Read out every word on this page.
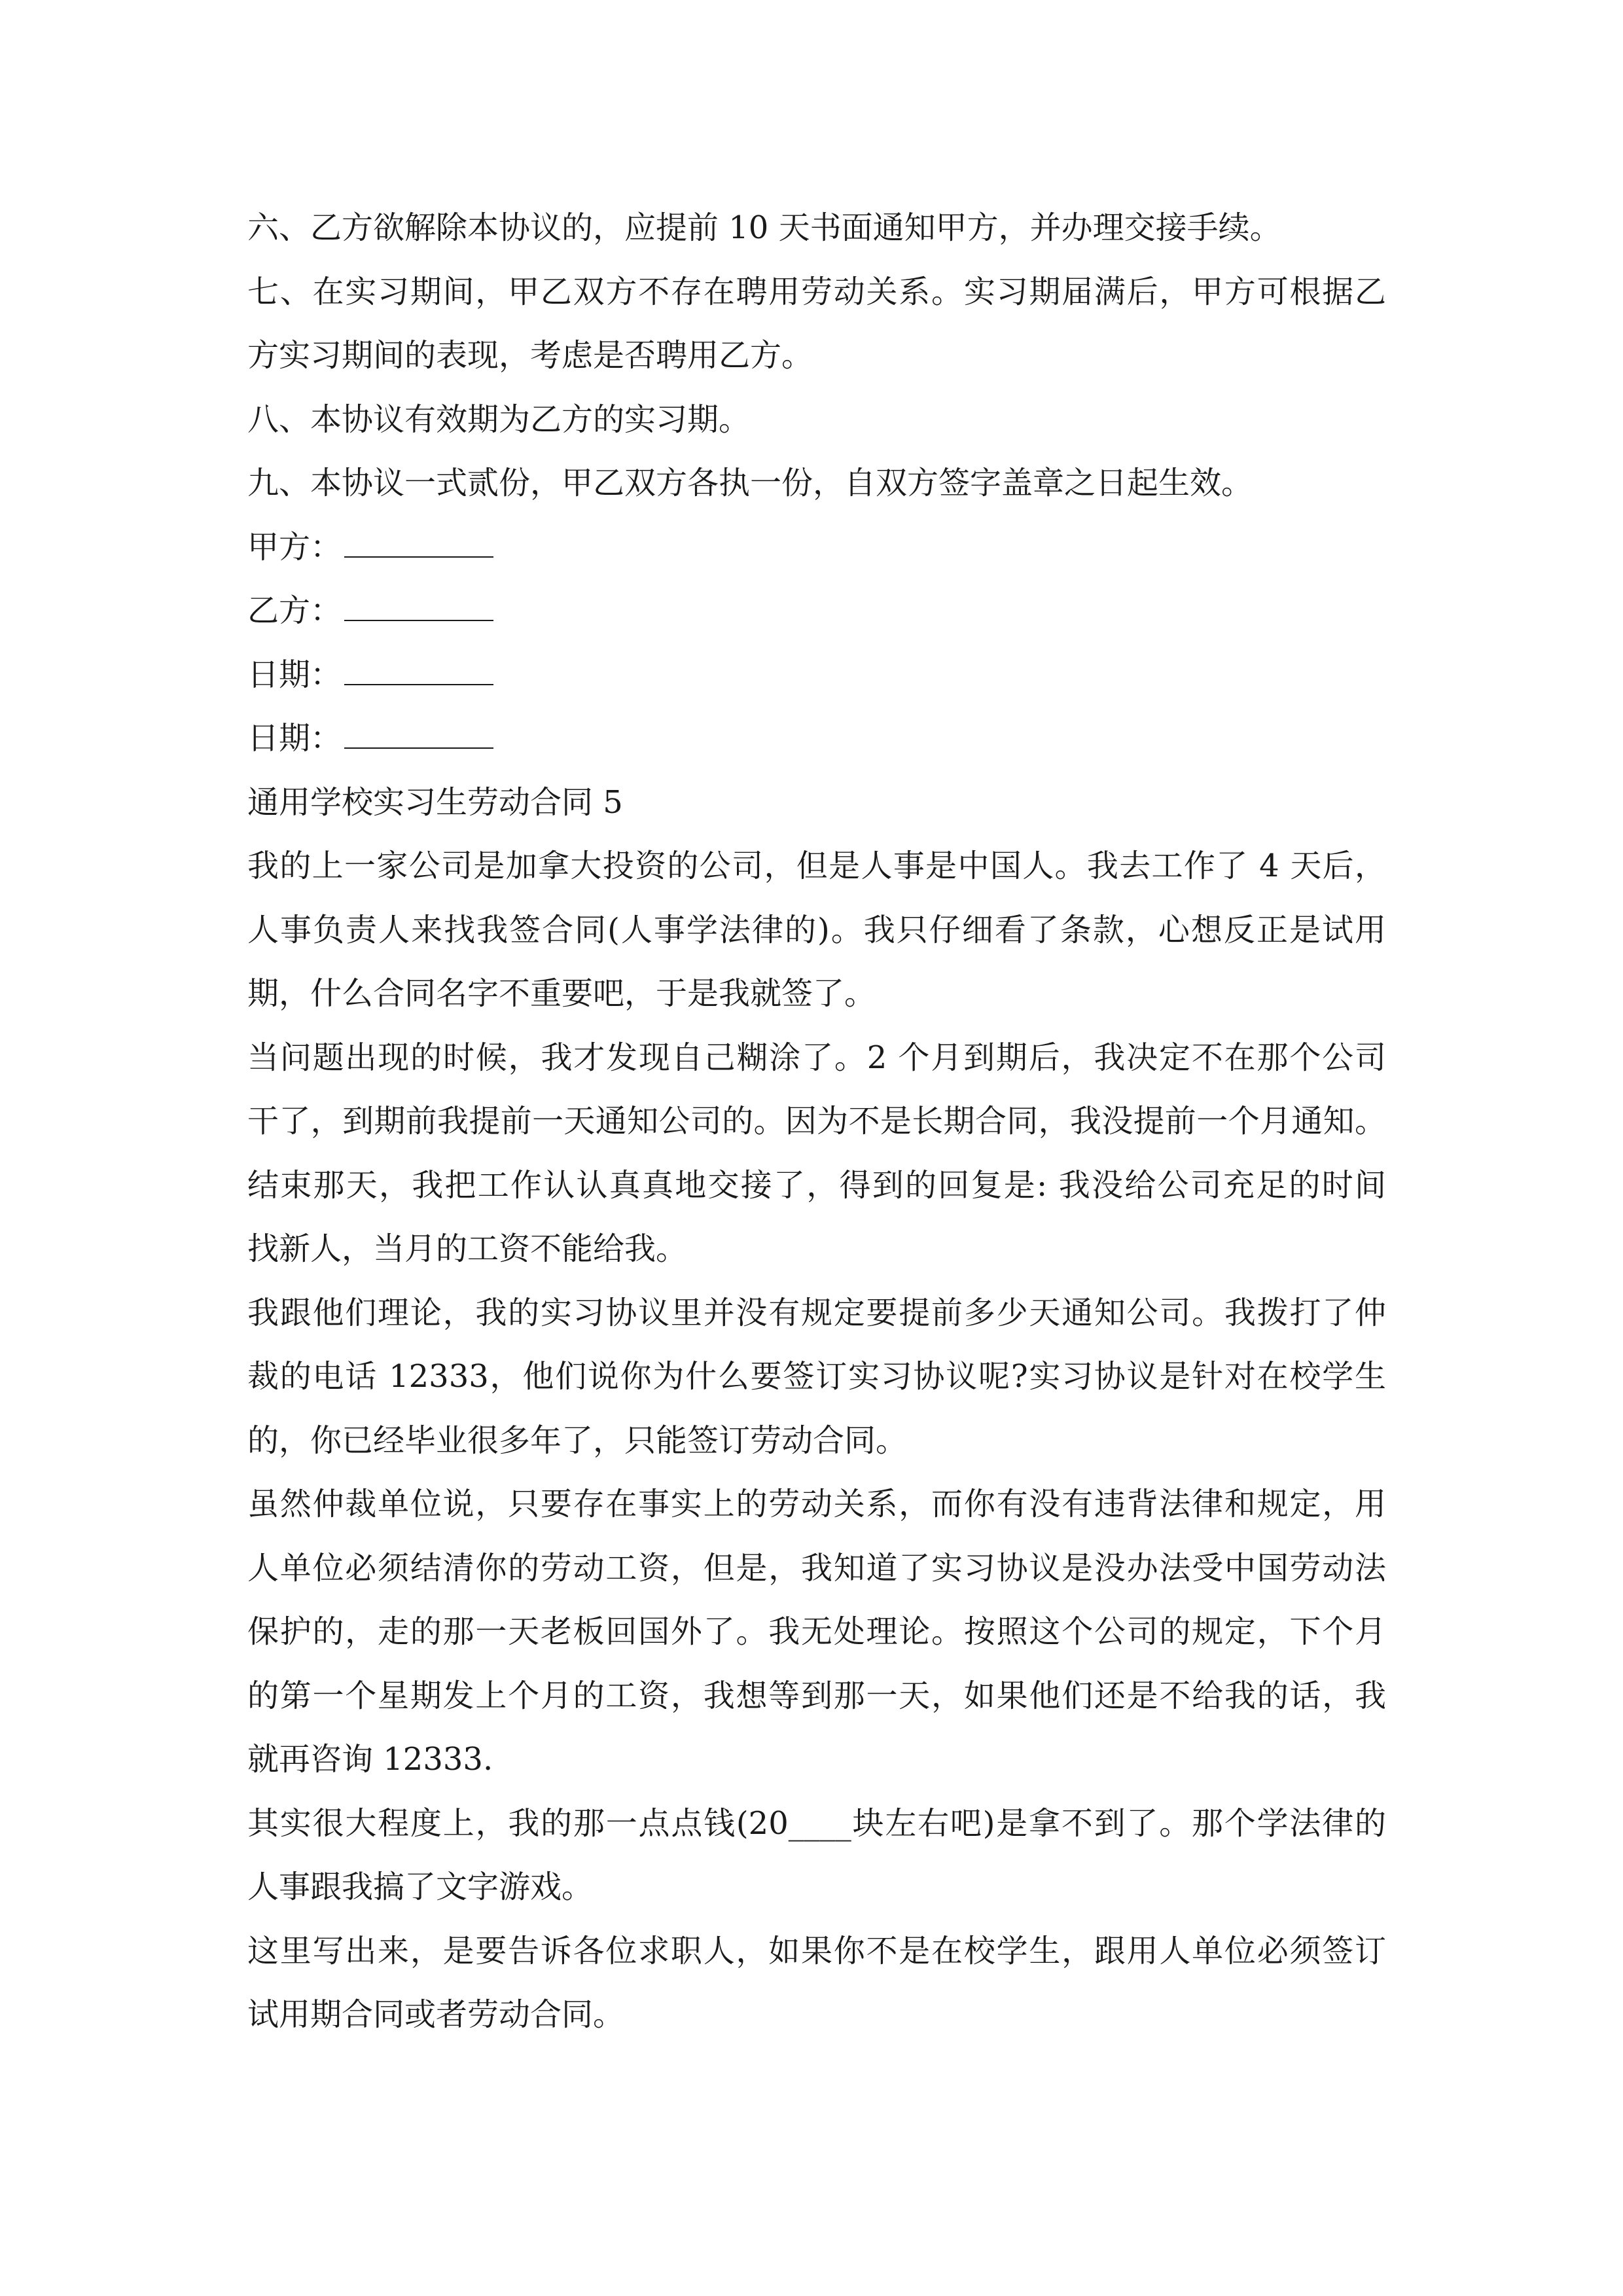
六、乙方欲解除本协议的，应提前 10 天书面通知甲方，并办理交接手续。
七、在实习期间，甲乙双方不存在聘用劳动关系。实习期届满后，甲方可根据乙
方实习期间的表现，考虑是否聘用乙方。
八、本协议有效期为乙方的实习期。
九、本协议一式贰份，甲乙双方各执一份，自双方签字盖章之日起生效。
甲方：
乙方：
日期：
日期：
通用学校实习生劳动合同 5
我的上一家公司是加拿大投资的公司，但是人事是中国人。我去工作了 4 天后，
人事负责人来找我签合同(人事学法律的)。我只仔细看了条款，心想反正是试用
期，什么合同名字不重要吧，于是我就签了。
当问题出现的时候，我才发现自己糊涂了。2 个月到期后，我决定不在那个公司
干了，到期前我提前一天通知公司的。因为不是长期合同，我没提前一个月通知。
结束那天，我把工作认认真真地交接了，得到的回复是: 我没给公司充足的时间
找新人，当月的工资不能给我。
我跟他们理论，我的实习协议里并没有规定要提前多少天通知公司。我拨打了仲
裁的电话 12333，他们说你为什么要签订实习协议呢?实习协议是针对在校学生
的，你已经毕业很多年了，只能签订劳动合同。
虽然仲裁单位说，只要存在事实上的劳动关系，而你有没有违背法律和规定，用
人单位必须结清你的劳动工资，但是，我知道了实习协议是没办法受中国劳动法
保护的，走的那一天老板回国外了。我无处理论。按照这个公司的规定，下个月
的第一个星期发上个月的工资，我想等到那一天，如果他们还是不给我的话，我
就再咨询 12333.
其实很大程度上，我的那一点点钱(20____块左右吧)是拿不到了。那个学法律的
人事跟我搞了文字游戏。
这里写出来，是要告诉各位求职人，如果你不是在校学生，跟用人单位必须签订
试用期合同或者劳动合同。
